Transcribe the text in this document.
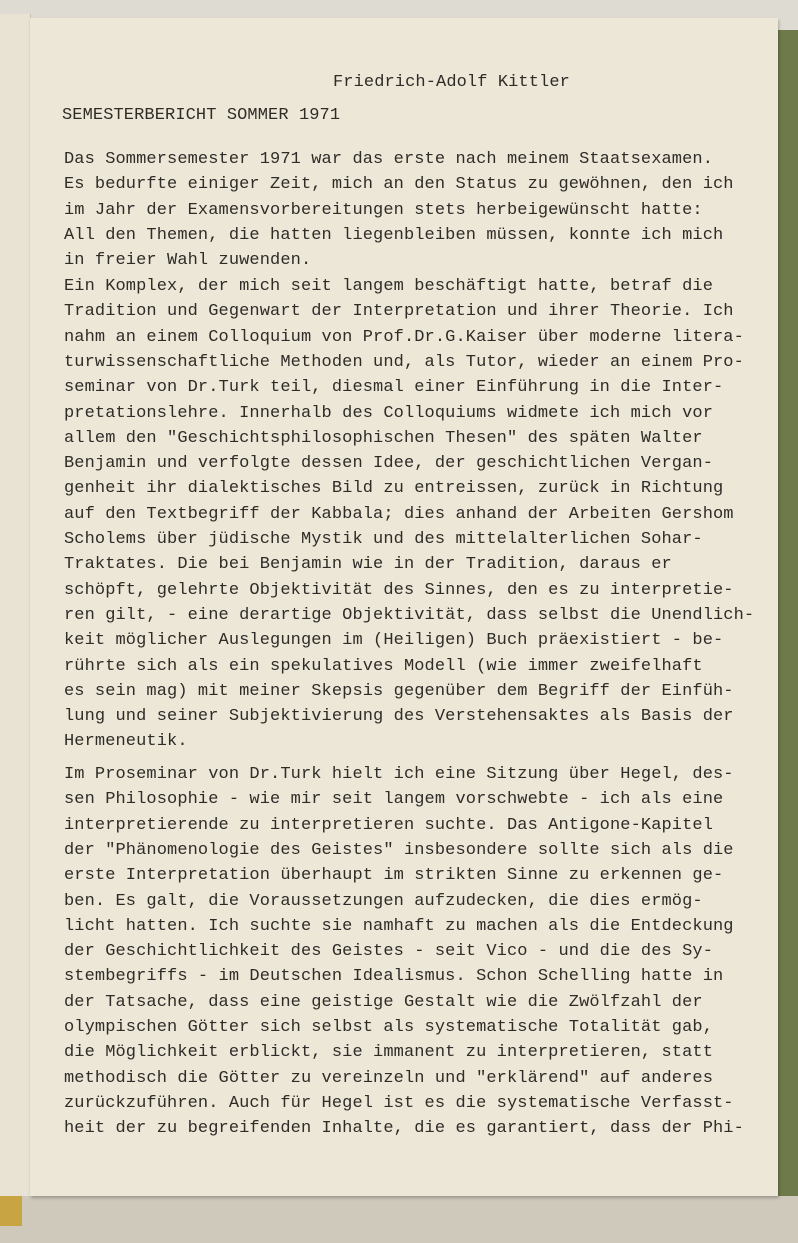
Friedrich-Adolf Kittler
SEMESTERBERICHT SOMMER 1971
Das Sommersemester 1971 war das erste nach meinem Staatsexamen.
Es bedurfte einiger Zeit, mich an den Status zu gewöhnen, den ich
im Jahr der Examensvorbereitungen stets herbeigewünscht hatte:
All den Themen, die hatten liegenbleiben müssen, konnte ich mich
in freier Wahl zuwenden.
Ein Komplex, der mich seit langem beschäftigt hatte, betraf die
Tradition und Gegenwart der Interpretation und ihrer Theorie. Ich
nahm an einem Colloquium von Prof.Dr.G.Kaiser über moderne litera-
turwissenschaftliche Methoden und, als Tutor, wieder an einem Pro-
seminar von Dr.Turk teil, diesmal einer Einführung in die Inter-
pretationslehre. Innerhalb des Colloquiums widmete ich mich vor
allem den "Geschichtsphilosophischen Thesen" des späten Walter
Benjamin und verfolgte dessen Idee, der geschichtlichen Vergan-
genheit ihr dialektisches Bild zu entreissen, zurück in Richtung
auf den Textbegriff der Kabbala; dies anhand der Arbeiten Gershom
Scholems über jüdische Mystik und des mittelalterlichen Sohar-
Traktates. Die bei Benjamin wie in der Tradition, daraus er
schöpft, gelehrte Objektivität des Sinnes, den es zu interpretie-
ren gilt, - eine derartige Objektivität, dass selbst die Unendlich-
keit möglicher Auslegungen im (Heiligen) Buch präexistiert - be-
rührte sich als ein spekulatives Modell (wie immer zweifelhaft
es sein mag) mit meiner Skepsis gegenüber dem Begriff der Einfüh-
lung und seiner Subjektivierung des Verstehensaktes als Basis der
Hermeneutik.
Im Proseminar von Dr.Turk hielt ich eine Sitzung über Hegel, des-
sen Philosophie - wie mir seit langem vorschwebte - ich als eine
interpretierende zu interpretieren suchte. Das Antigone-Kapitel
der "Phänomenologie des Geistes" insbesondere sollte sich als die
erste Interpretation überhaupt im strikten Sinne zu erkennen ge-
ben. Es galt, die Voraussetzungen aufzudecken, die dies ermög-
licht hatten. Ich suchte sie namhaft zu machen als die Entdeckung
der Geschichtlichkeit des Geistes - seit Vico - und die des Sy-
stembegriffs - im Deutschen Idealismus. Schon Schelling hatte in
der Tatsache, dass eine geistige Gestalt wie die Zwölfzahl der
olympischen Götter sich selbst als systematische Totalität gab,
die Möglichkeit erblickt, sie immanent zu interpretieren, statt
methodisch die Götter zu vereinzeln und "erklärend" auf anderes
zurückzuführen. Auch für Hegel ist es die systematische Verfasst-
heit der zu begreifenden Inhalte, die es garantiert, dass der Phi-
